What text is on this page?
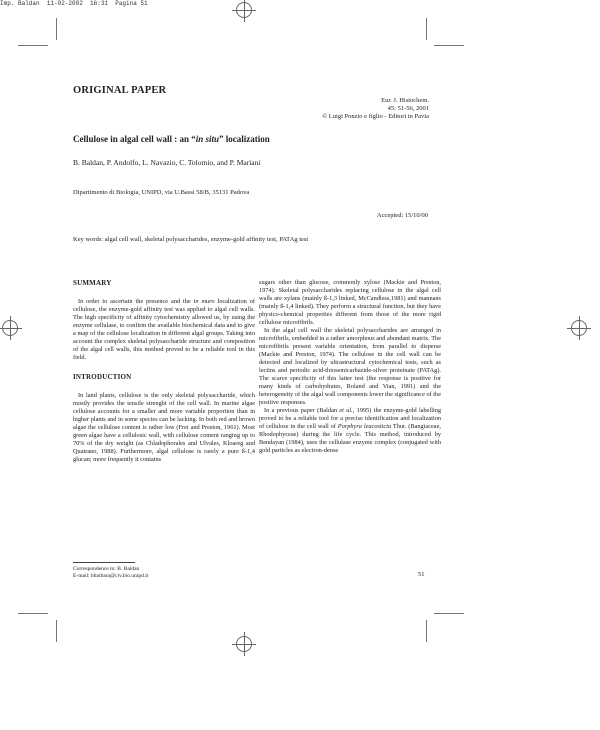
Imp. Baldan  11-02-2002  16:31  Pagina 51
ORIGINAL PAPER
Eur. J. Histochem.
45: 51-56, 2001
© Luigi Ponzio e figlio - Editori in Pavia
Cellulose in algal cell wall : an “in situ” localization
B. Baldan, P. Andolfo, L. Navazio, C. Tolomio, and P. Mariani
Dipartimento di Biologia, UNIPD, via U.Bassi 58/B, 35131 Padova
Accepted: 15/10/00
Key words: algal cell wall, skeletal polysaccharides, enzyme-gold affinity test, PATAg test
SUMMARY

In order to ascertain the presence and the in muro localization of cellulose, the enzyme-gold affinity test was applied to algal cell walls. The high specificity of affinity cytochemistry allowed us, by using the enzyme cellulase, to confirm the available biochemical data and to give a map of the cellulose localization in different algal groups. Taking into account the complex skeletal polysaccharide structure and composition of the algal cell walls, this method proved to be a reliable tool in this field.

INTRODUCTION

In land plants, cellulose is the only skeletal polysaccharide, which mostly provides the tensile strenght of the cell wall. In marine algae cellulose accounts for a smaller and more variable proportion than in higher plants and in some species can be lacking. In both red and brown algae the cellulose content is rather low (Frei and Preston, 1961). Most green algae have a cellulosic wall, with cellulose content ranging up to 70% of the dry weight (as Chladophorales and Ulvales, Kloareg and Quatrano, 1988). Furthermore, algal cellulose is rarely a pure ß-1,4 glucan; more frequently it contains

sugars other than glucose, commonly xylose (Mackie and Preston, 1974). Skeletal polysaccharides replacing cellulose in the algal cell walls are xylans (mainly ß-1,3 linked, McCandless,1981) and mannans (mainly ß-1,4 linked). They perform a structural function, but they have physico-chemical properties different from those of the more rigid cellulose microfibrils.

In the algal cell wall the skeletal polysaccharides are arranged in microfibrils, embedded in a rather amorphous and abundant matrix. The microfibrils present variable orientation, from parallel to disperse (Mackie and Preston, 1974). The cellulose in the cell wall can be detected and localized by ultrastructural cytochemical tests, such as lectins and periodic acid-thiosemicarbazide-silver proteinate (PATAg). The scarce specificity of this latter test (the response is positive for many kinds of carbohydrates, Roland and Vian, 1991) and the heterogeneity of the algal wall components lower the significance of the positive responses.

In a previous paper (Baldan et al., 1995) the enzyme-gold labelling proved to be a reliable tool for a precise identification and localization of cellulose in the cell wall of Porphyra leucosticta Thur. (Bangiaceae, Rhodophyceae) during the life cycle. This method, introduced by Bendayan (1984), uses the cellulase enzyme complex (conjugated with gold particles as electron-dense

Correspondence to: B. Baldan
E-mail: bbarbara@civ.bio.unipd.it	51
